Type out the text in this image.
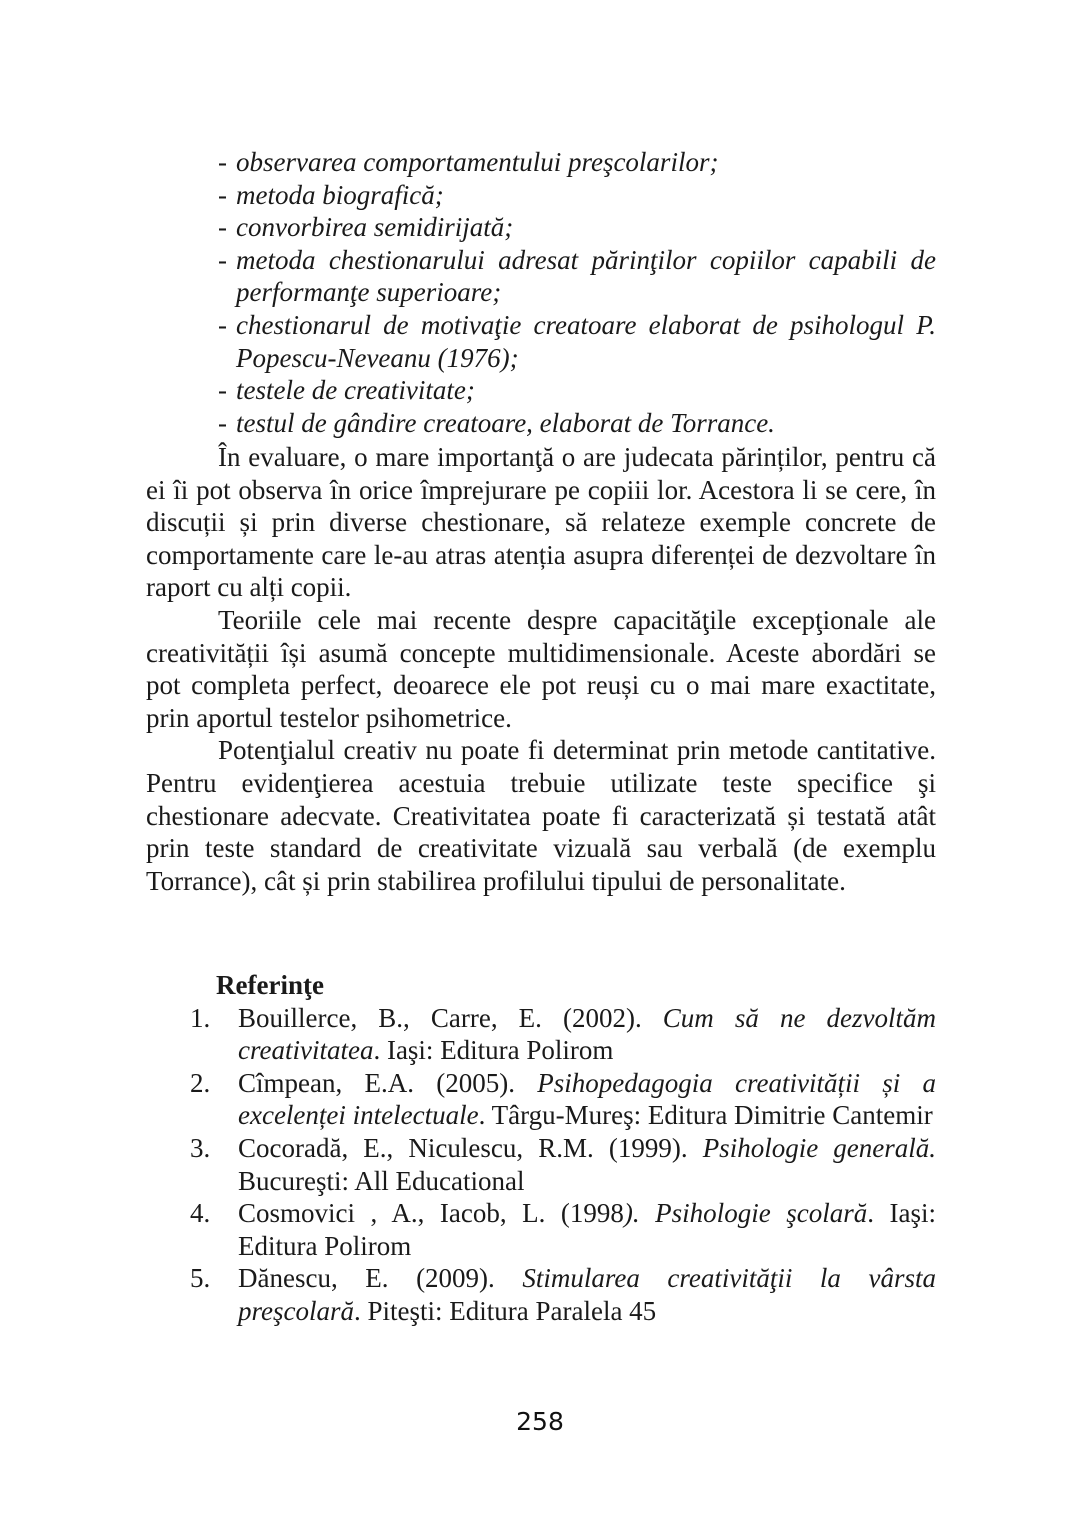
- observarea comportamentului preşcolarilor;
- metoda biografică;
- convorbirea semidirijată;
- metoda chestionarului adresat părinţilor copiilor capabili de performanţe superioare;
- chestionarul de motivaţie creatoare elaborat de psihologul P. Popescu-Neveanu (1976);
- testele de creativitate;
- testul de gândire creatoare, elaborat de Torrance.

În evaluare, o mare importanţă o are judecata părinților, pentru că ei îi pot observa în orice împrejurare pe copiii lor. Acestora li se cere, în discuții și prin diverse chestionare, să relateze exemple concrete de comportamente care le-au atras atenția asupra diferenței de dezvoltare în raport cu alți copii.

Teoriile cele mai recente despre capacităţile excepţionale ale creativității își asumă concepte multidimensionale. Aceste abordări se pot completa perfect, deoarece ele pot reuși cu o mai mare exactitate, prin aportul testelor psihometrice.

Potenţialul creativ nu poate fi determinat prin metode cantitative. Pentru evidenţierea acestuia trebuie utilizate teste specifice şi chestionare adecvate. Creativitatea poate fi caracterizată și testată atât prin teste standard de creativitate vizuală sau verbală (de exemplu Torrance), cât și prin stabilirea profilului tipului de personalitate.

Referinţe
1. Bouillerce, B., Carre, E. (2002). Cum să ne dezvoltăm creativitatea. Iaşi: Editura Polirom
2. Cîmpean, E.A. (2005). Psihopedagogia creativității și a excelenței intelectuale. Târgu-Mureş: Editura Dimitrie Cantemir
3. Cocoradă, E., Niculescu, R.M. (1999). Psihologie generală. Bucureşti: All Educational
4. Cosmovici , A., Iacob, L. (1998). Psihologie şcolară. Iaşi: Editura Polirom
5. Dănescu, E. (2009). Stimularea creativităţii la vârsta preşcolară. Piteşti: Editura Paralela 45
258
